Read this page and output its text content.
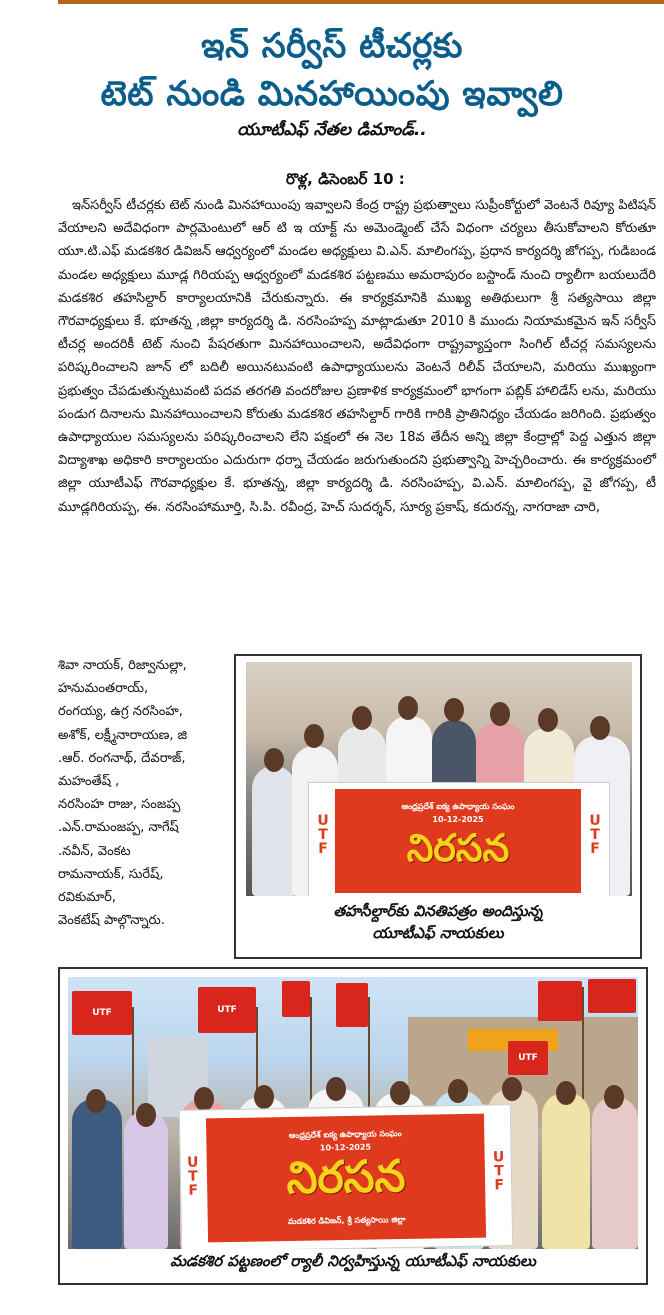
ఇన్ సర్వీస్ టీచర్లకు
టెట్ నుండి మినహాయింపు ఇవ్వాలి
యూటీఎఫ్ నేతల డిమాండ్..
రొళ్ల, డిసెంబర్ 10 :

ఇన్‌సర్వీస్ టీచర్లకు టెట్ నుండి మినహాయింపు ఇవ్వాలని కేంద్ర రాష్ట్ర ప్రభుత్వాలు సుప్రీంకోర్టులో వెంటనే రివ్యూ పిటిషన్ వేయాలని అదేవిధంగా పార్లమెంటులో ఆర్ టి ఇ యాక్ట్ ను అమెండ్మెంట్ చేసే విధంగా చర్యలు తీసుకోవాలని కోరుతూ యూ.టి.ఎఫ్ మడకశిర డివిజన్ ఆధ్వర్యంలో మండల అధ్యక్షులు వి.ఎన్. మాలింగప్ప, ప్రధాన కార్యదర్శి జోగప్ప, గుడిబండ మండల అధ్యక్షులు మూడ్ల గిరియప్ప ఆధ్వర్యంలో మడకశిర పట్టణము అమరాపురం బస్టాండ్ నుంచి ర్యాలీగా బయలుదేరి మడకశిర తహసిల్దార్ కార్యాలయానికి చేరుకున్నారు. ఈ కార్యక్రమానికి ముఖ్య అతిథులుగా శ్రీ సత్యసాయి జిల్లా గౌరవాధ్యక్షులు కే. భూతన్న ,జిల్లా కార్యదర్శి డి. నరసింహప్ప మాట్లాడుతూ 2010 కి ముందు నియామకమైన ఇన్ సర్వీస్ టీచర్ల అందరికీ టెట్ నుంచి పేషరతుగా మినహాయించాలని, అదేవిధంగా రాష్ట్రవ్యాప్తంగా సింగిల్ టీచర్ల సమస్యలను పరిష్కరించాలని జూన్ లో బదిలీ అయినటువంటి ఉపాధ్యాయులను వెంటనే రిలీవ్ చేయాలని, మరియు ముఖ్యంగా ప్రభుత్వం చేపడుతున్నటువంటి పదవ తరగతి వందరోజుల ప్రణాళిక కార్యక్రమంలో భాగంగా పబ్లిక్ హాలిడేస్ లను, మరియు పండుగ దినాలను మినహాయించాలని కోరుతు మడకశిర తహసిల్దార్ గారికి గారికి ప్రాతినిధ్యం చేయడం జరిగింది. ప్రభుత్వం ఉపాధ్యాయుల సమస్యలను పరిష్కరించాలని లేని పక్షంలో ఈ నెల 18వ తేదీన అన్ని జిల్లా కేంద్రాల్లో పెద్ద ఎత్తున జిల్లా విద్యాశాఖ అధికారి కార్యాలయం ఎదురుగా ధర్నా చేయడం జరుగుతుందని ప్రభుత్వాన్ని హెచ్చరించారు. ఈ కార్యక్రమంలో జిల్లా యూటీఎఫ్ గౌరవాధ్యక్షుల కే. భూతన్న, జిల్లా కార్యదర్శి డి. నరసింహప్ప, వి.ఎన్. మాలింగప్ప, వై జోగప్ప, టీ మూడ్లగిరియప్ప, ఈ. నరసింహామూర్తి, సి.పి. రవీంద్ర, హెచ్ సుదర్శన్, సూర్య ప్రకాష్, కదురన్న, నాగరాజా చారి,

శివా నాయక్, రిజ్వానుల్లా,
హనుమంతరాయ్,
రంగయ్య, ఉగ్ర నరసింహ,
అశోక్, లక్ష్మీనారాయణ, జి
.ఆర్. రంగనాథ్, దేవరాజ్,
మహంతేష్ ,
నరసింహ రాజు, సంజప్ప
.ఎన్.రామంజప్ప, నాగేష్
.నవీన్, వెంకట
రామనాయక్, సురేష్,
రవికుమార్,
వెంకటేష్ పాల్గొన్నారు.
UTF	UTF
ఆంధ్రప్రదేశ్ ఐక్య ఉపాధ్యాయ సంఘం
10-12-2025
నిరసన
తహసీల్దార్‌కు వినతిపత్రం అందిస్తున్న
యూటీఎఫ్ నాయకులు
UTF	UTF
UTF
UTF	UTF
ఆంధ్రప్రదేశ్ ఐక్య ఉపాధ్యాయ సంఘం
10-12-2025
నిరసన
మడకశిర డివిజన్, శ్రీ సత్యసాయి జిల్లా
మడకశిర పట్టణంలో ర్యాలీ నిర్వహిస్తున్న యూటీఎఫ్ నాయకులు
